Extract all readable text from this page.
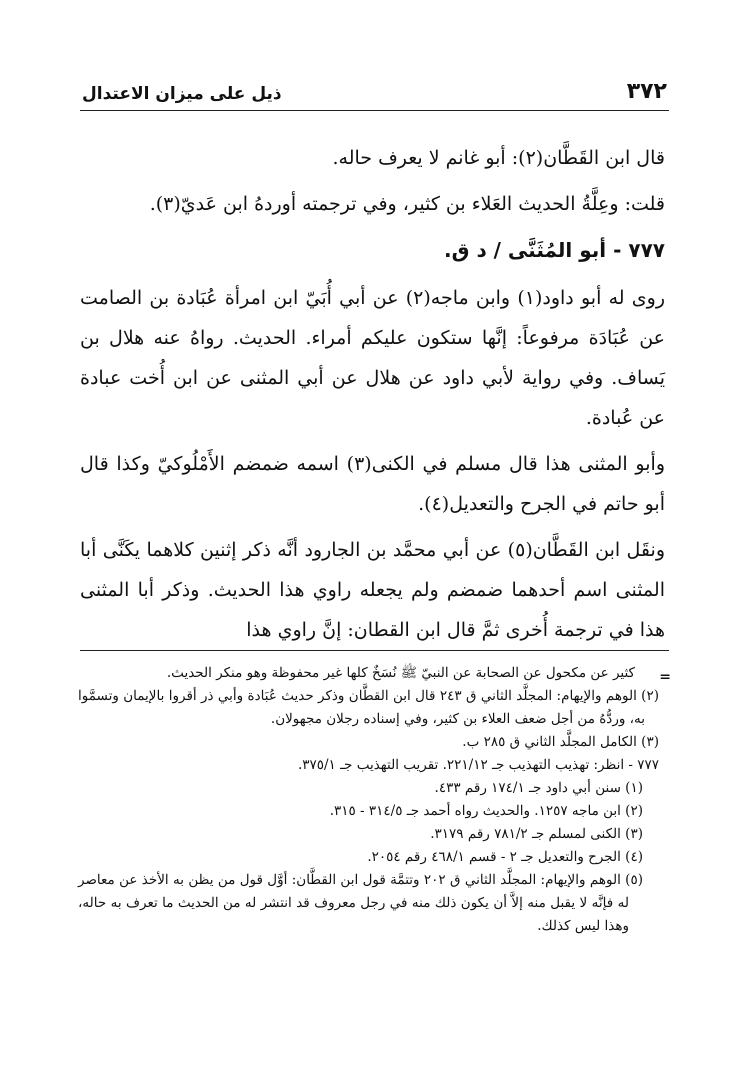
٣٧٢
ذيل على ميزان الاعتدال

قال ابن القَطَّان(٢): أبو غانم لا يعرف حاله.

قلت: وعِلَّةُ الحديث العَلاء بن كثير، وفي ترجمته أوردهُ ابن عَديّ(٣).

٧٧٧ - أبو المُثَنَّى / د ق.

روى له أبو داود(١) وابن ماجه(٢) عن أبي أُبَيّ ابن امرأة عُبَادة بن الصامت عن عُبَادَة مرفوعاً: إنَّها ستكون عليكم أمراء. الحديث. رواهُ عنه هلال بن يَساف. وفي رواية لأبي داود عن هلال عن أبي المثنى عن ابن أُخت عبادة عن عُبادة.

وأبو المثنى هذا قال مسلم في الكنى(٣) اسمه ضمضم الأَمْلُوكيّ وكذا قال أبو حاتم في الجرح والتعديل(٤).

ونقَل ابن القَطَّان(٥) عن أبي محمَّد بن الجارود أنَّه ذكر إثنين كلاهما يكَنَّى أبا المثنى اسم أحدهما ضمضم ولم يجعله راوي هذا الحديث. وذكر أبا المثنى هذا في ترجمة أُخرى ثمَّ قال ابن القطان: إنَّ راوي هذا

=
كثير عن مكحول عن الصحابة عن النبيّ ﷺ نُسَخٌ كلها غير محفوظة وهو منكر الحديث.

(٢) الوهم والإيهام: المجلَّد الثاني ق ٢٤٣ قال ابن القطَّان وذكر حديث عُبَادة وأبي ذر أقروا بالإيمان وتسمَّوا به، وردُّهُ من أجل ضعف العلاء بن كثير، وفي إسناده رجلان مجهولان.

(٣) الكامل المجلَّد الثاني ق ٢٨٥ ب.

٧٧٧ - انظر: تهذيب التهذيب جـ ٢٢١/١٢. تقريب التهذيب جـ ٣٧٥/١.

(١) سنن أبي داود جـ ١٧٤/١ رقم ٤٣٣.

(٢) ابن ماجه ١٢٥٧. والحديث رواه أحمد جـ ٣١٤/٥ - ٣١٥.

(٣) الكنى لمسلم جـ ٧٨١/٢ رقم ٣١٧٩.

(٤) الجرح والتعديل جـ ٢ - قسم ٤٦٨/١ رقم ٢٠٥٤.

(٥) الوهم والإيهام: المجلَّد الثاني ق ٢٠٢ وتتمَّة قول ابن القطَّان: أوَّل قول من يظن به الأخذ عن معاصر له فإنَّه لا يقبل منه إلاَّ أن يكون ذلك منه في رجل معروف قد انتشر له من الحديث ما تعرف به حاله، وهذا ليس كذلك.
